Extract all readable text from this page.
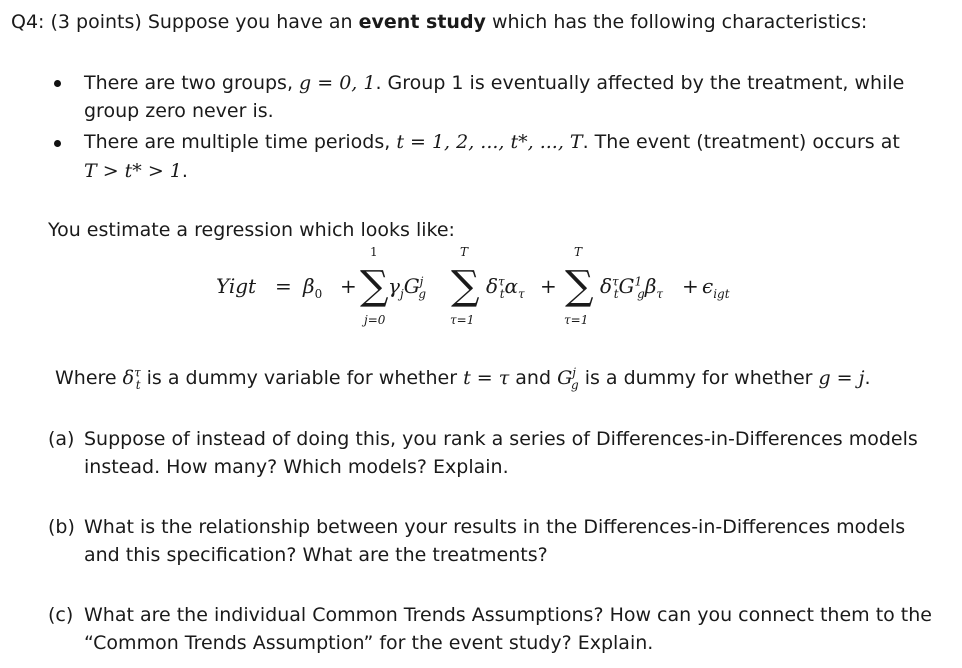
Q4: (3 points) Suppose you have an event study which has the following characteristics:
There are two groups, g = 0, 1. Group 1 is eventually affected by the treatment, while
group zero never is.
There are multiple time periods, t = 1, 2, ..., t*, ..., T. The event (treatment) occurs at
T > t* > 1.
You estimate a regression which looks like:
Yigt = $\beta_0$ +
1
∑
j=0
$\gamma_jG^j_g$
T
∑
τ=1
$\delta^\tau_t\alpha_\tau$ +
T
∑
τ=1
$\delta^\tau_tG^1_g\beta_\tau + \epsilon_{igt}$
Where $\delta^\tau_t$ is a dummy variable for whether t = τ and $G^j_g$ is a dummy for whether g = j.
(a) Suppose of instead of doing this, you rank a series of Differences-in-Differences models
instead. How many? Which models? Explain.
(b) What is the relationship between your results in the Differences-in-Differences models
and this specification? What are the treatments?
(c) What are the individual Common Trends Assumptions? How can you connect them to the
“Common Trends Assumption” for the event study? Explain.
